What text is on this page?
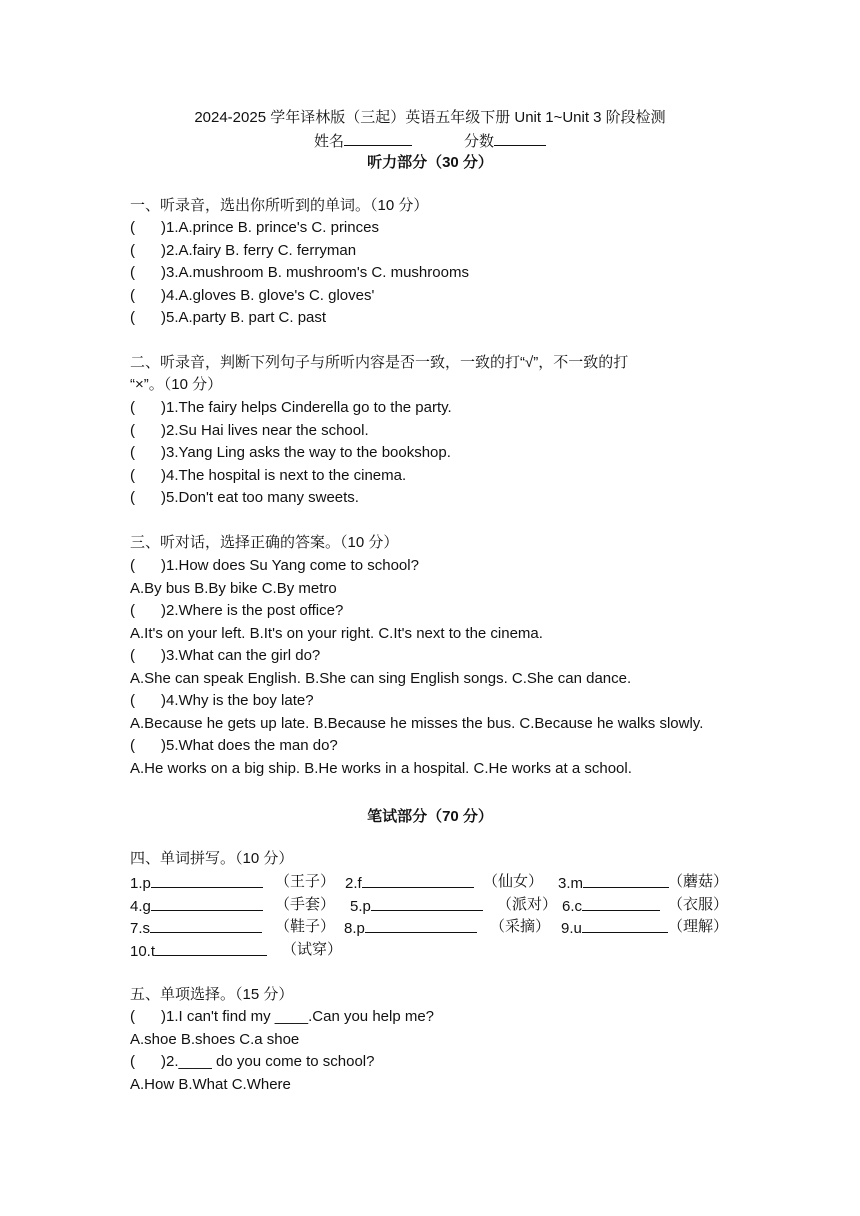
2024-2025 学年译林版（三起）英语五年级下册 Unit 1~Unit 3 阶段检测
姓名	分数
听力部分（30 分）
一、听录音，选出你所听到的单词。（10 分）
( )1.A.prince B. prince's C. princes
( )2.A.fairy B. ferry C. ferryman
( )3.A.mushroom B. mushroom's C. mushrooms
( )4.A.gloves B. glove's C. gloves'
( )5.A.party B. part C. past
二、听录音，判断下列句子与所听内容是否一致，一致的打“√”，不一致的打
“×”。（10 分）
( )1.The fairy helps Cinderella go to the party.
( )2.Su Hai lives near the school.
( )3.Yang Ling asks the way to the bookshop.
( )4.The hospital is next to the cinema.
( )5.Don't eat too many sweets.
三、听对话，选择正确的答案。（10 分）
( )1.How does Su Yang come to school?
A.By bus B.By bike C.By metro
( )2.Where is the post office?
A.It's on your left. B.It's on your right. C.It's next to the cinema.
( )3.What can the girl do?
A.She can speak English. B.She can sing English songs. C.She can dance.
( )4.Why is the boy late?
A.Because he gets up late. B.Because he misses the bus. C.Because he walks slowly.
( )5.What does the man do?
A.He works on a big ship. B.He works in a hospital. C.He works at a school.
笔试部分（70 分）
四、单词拼写。（10 分）
1.p	（王子） 2.f	（仙女） 3.m	（蘑菇）
4.g	（手套） 5.p	（派对） 6.c	（衣服）
7.s	（鞋子） 8.p	（采摘） 9.u	（理解）
10.t	（试穿）
五、单项选择。（15 分）
( )1.I can't find my ____.Can you help me?
A.shoe B.shoes C.a shoe
( )2.____ do you come to school?
A.How B.What C.Where
